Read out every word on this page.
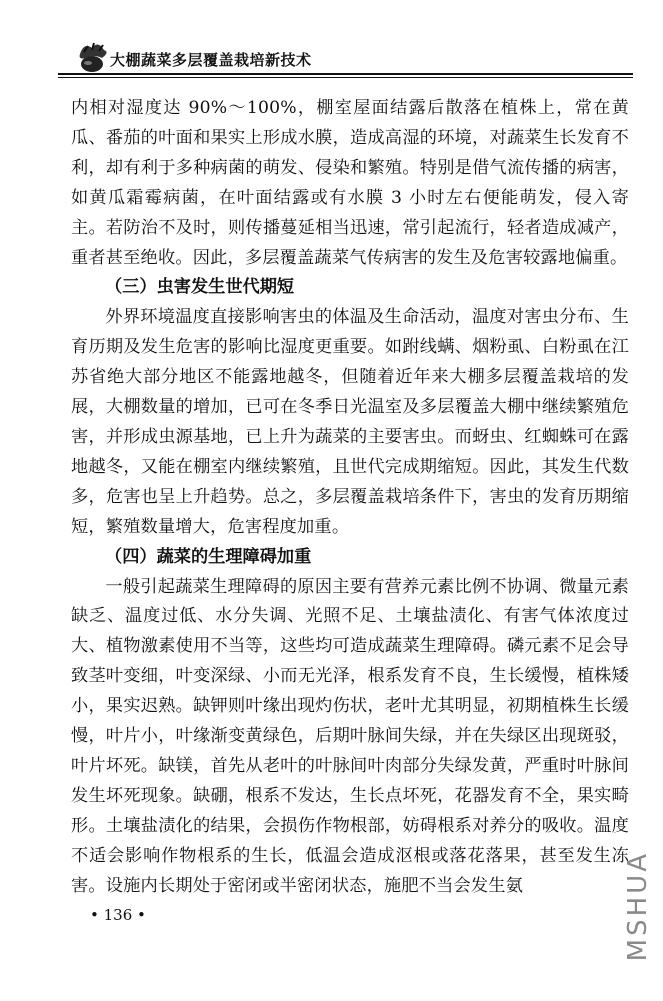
大棚蔬菜多层覆盖栽培新技术

内相对湿度达 90%～100%，棚室屋面结露后散落在植株上，常在黄瓜、番茄的叶面和果实上形成水膜，造成高湿的环境，对蔬菜生长发育不利，却有利于多种病菌的萌发、侵染和繁殖。特别是借气流传播的病害，如黄瓜霜霉病菌，在叶面结露或有水膜 3 小时左右便能萌发，侵入寄主。若防治不及时，则传播蔓延相当迅速，常引起流行，轻者造成减产，重者甚至绝收。因此，多层覆盖蔬菜气传病害的发生及危害较露地偏重。

（三）虫害发生世代期短

外界环境温度直接影响害虫的体温及生命活动，温度对害虫分布、生育历期及发生危害的影响比湿度更重要。如跗线螨、烟粉虱、白粉虱在江苏省绝大部分地区不能露地越冬，但随着近年来大棚多层覆盖栽培的发展，大棚数量的增加，已可在冬季日光温室及多层覆盖大棚中继续繁殖危害，并形成虫源基地，已上升为蔬菜的主要害虫。而蚜虫、红蜘蛛可在露地越冬，又能在棚室内继续繁殖，且世代完成期缩短。因此，其发生代数多，危害也呈上升趋势。总之，多层覆盖栽培条件下，害虫的发育历期缩短，繁殖数量增大，危害程度加重。

（四）蔬菜的生理障碍加重

一般引起蔬菜生理障碍的原因主要有营养元素比例不协调、微量元素缺乏、温度过低、水分失调、光照不足、土壤盐渍化、有害气体浓度过大、植物激素使用不当等，这些均可造成蔬菜生理障碍。磷元素不足会导致茎叶变细，叶变深绿、小而无光泽，根系发育不良，生长缓慢，植株矮小，果实迟熟。缺钾则叶缘出现灼伤状，老叶尤其明显，初期植株生长缓慢，叶片小，叶缘渐变黄绿色，后期叶脉间失绿，并在失绿区出现斑驳，叶片坏死。缺镁，首先从老叶的叶脉间叶肉部分失绿发黄，严重时叶脉间发生坏死现象。缺硼，根系不发达，生长点坏死，花器发育不全，果实畸形。土壤盐渍化的结果，会损伤作物根部，妨碍根系对养分的吸收。温度不适会影响作物根系的生长，低温会造成沤根或落花落果，甚至发生冻害。设施内长期处于密闭或半密闭状态，施肥不当会发生氨

• 136 •	MSHUA
